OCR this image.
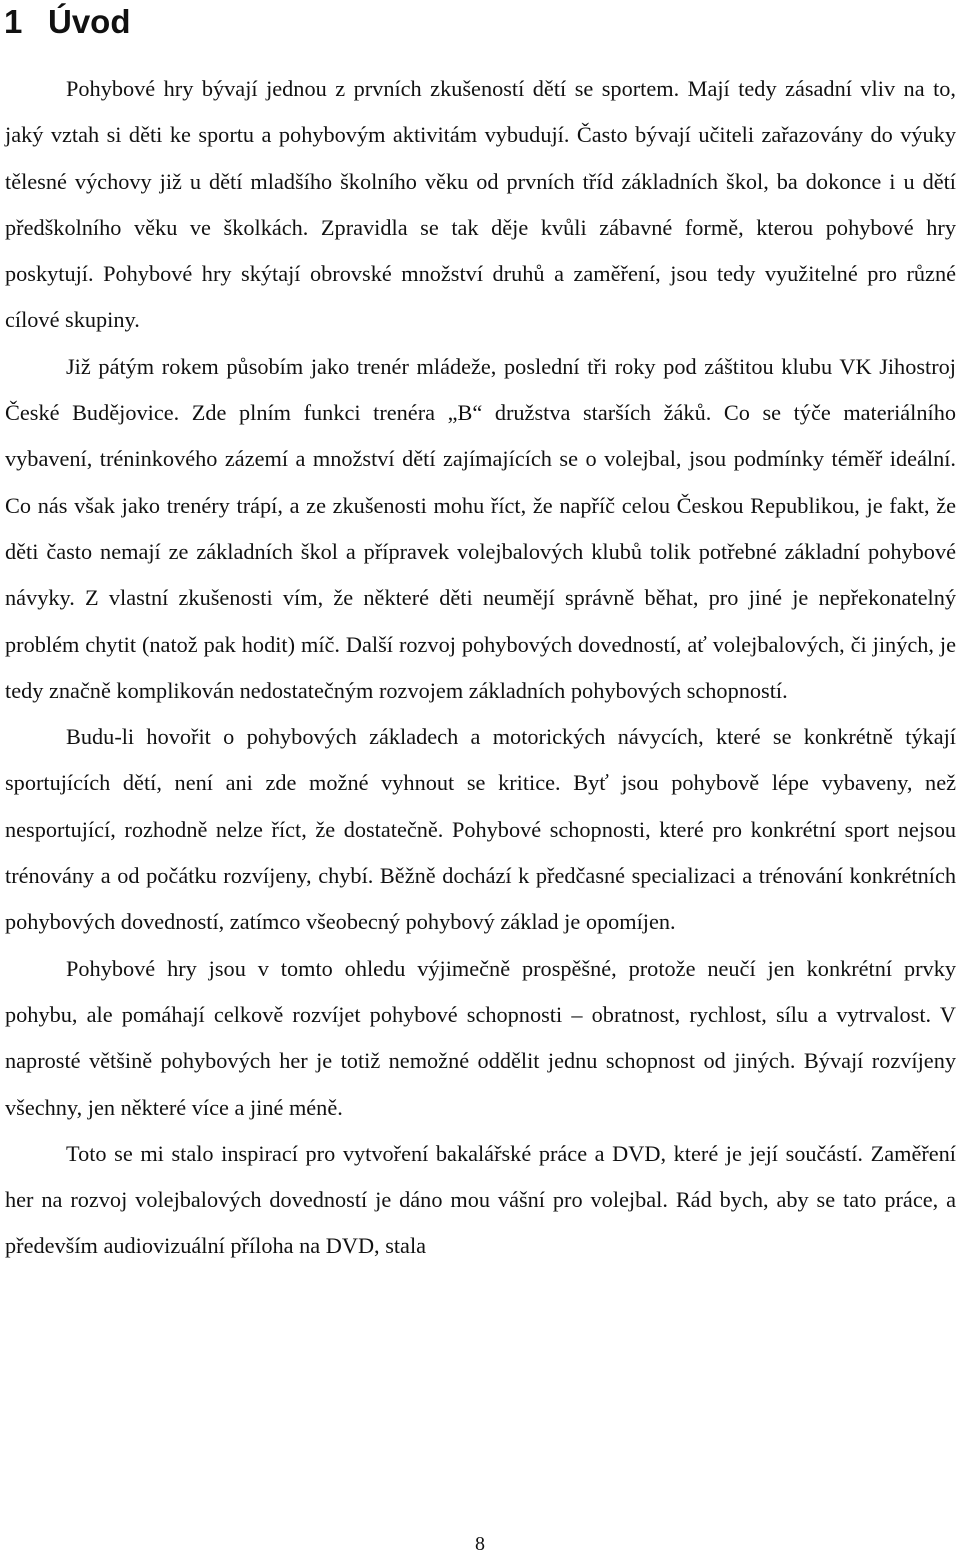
1 Úvod

Pohybové hry bývají jednou z prvních zkušeností dětí se sportem. Mají tedy zásadní vliv na to, jaký vztah si děti ke sportu a pohybovým aktivitám vybudují. Často bývají učiteli zařazovány do výuky tělesné výchovy již u dětí mladšího školního věku od prvních tříd základních škol, ba dokonce i u dětí předškolního věku ve školkách. Zpravidla se tak děje kvůli zábavné formě, kterou pohybové hry poskytují. Pohybové hry skýtají obrovské množství druhů a zaměření, jsou tedy využitelné pro různé cílové skupiny.

Již pátým rokem působím jako trenér mládeže, poslední tři roky pod záštitou klubu VK Jihostroj České Budějovice. Zde plním funkci trenéra „B“ družstva starších žáků. Co se týče materiálního vybavení, tréninkového zázemí a množství dětí zajímajících se o volejbal, jsou podmínky téměř ideální. Co nás však jako trenéry trápí, a ze zkušenosti mohu říct, že napříč celou Českou Republikou, je fakt, že děti často nemají ze základních škol a přípravek volejbalových klubů tolik potřebné základní pohybové návyky. Z vlastní zkušenosti vím, že některé děti neumějí správně běhat, pro jiné je nepřekonatelný problém chytit (natož pak hodit) míč. Další rozvoj pohybových dovedností, ať volejbalových, či jiných, je tedy značně komplikován nedostatečným rozvojem základních pohybových schopností.

Budu-li hovořit o pohybových základech a motorických návycích, které se konkrétně týkají sportujících dětí, není ani zde možné vyhnout se kritice. Byť jsou pohybově lépe vybaveny, než nesportující, rozhodně nelze říct, že dostatečně. Pohybové schopnosti, které pro konkrétní sport nejsou trénovány a od počátku rozvíjeny, chybí. Běžně dochází k předčasné specializaci a trénování konkrétních pohybových dovedností, zatímco všeobecný pohybový základ je opomíjen.

Pohybové hry jsou v tomto ohledu výjimečně prospěšné, protože neučí jen konkrétní prvky pohybu, ale pomáhají celkově rozvíjet pohybové schopnosti – obratnost, rychlost, sílu a vytrvalost. V naprosté většině pohybových her je totiž nemožné oddělit jednu schopnost od jiných. Bývají rozvíjeny všechny, jen některé více a jiné méně.

Toto se mi stalo inspirací pro vytvoření bakalářské práce a DVD, které je její součástí. Zaměření her na rozvoj volejbalových dovedností je dáno mou vášní pro volejbal. Rád bych, aby se tato práce, a především audiovizuální příloha na DVD, stala

8
